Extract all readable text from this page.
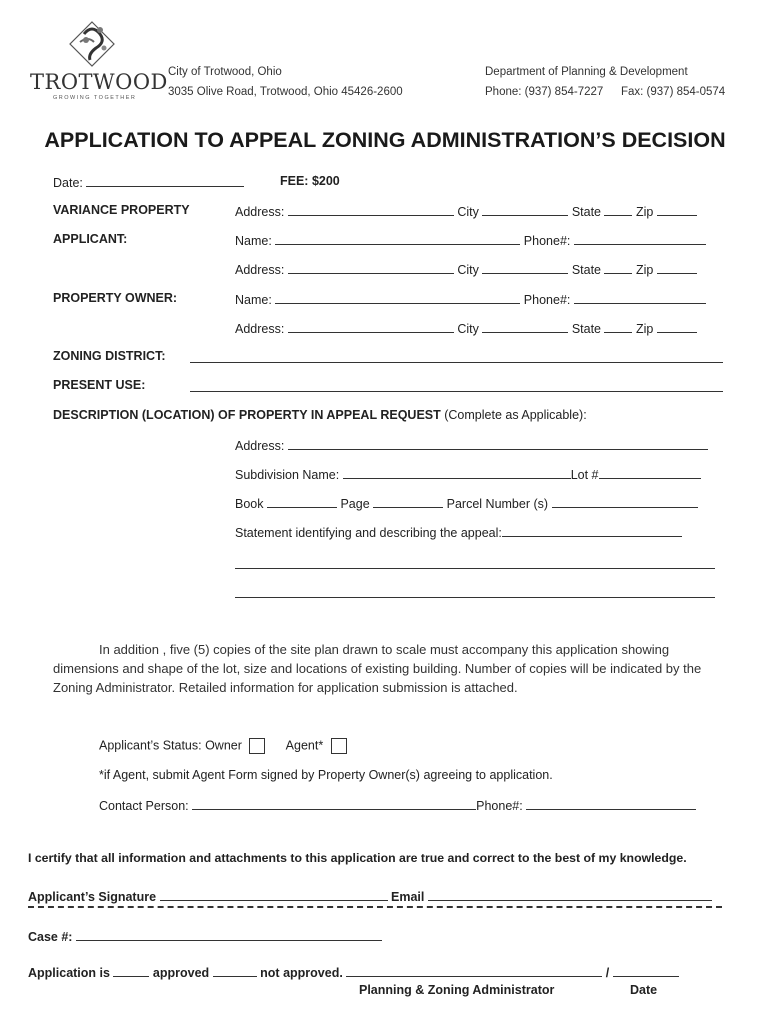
TROTWOOD
GROWING TOGETHER
City of Trotwood, Ohio
3035 Olive Road, Trotwood, Ohio 45426-2600
Department of Planning & Development
Phone: (937) 854-7227 Fax: (937) 854-0574
APPLICATION TO APPEAL ZONING ADMINISTRATION’S DECISION
Date:	FEE: $200
VARIANCE PROPERTY	Address:	City	State	Zip
APPLICANT:	Name:	Phone#:
Address:	City	State	Zip
PROPERTY OWNER:	Name:	Phone#:
Address:	City	State	Zip
ZONING DISTRICT:
PRESENT USE:
DESCRIPTION (LOCATION) OF PROPERTY IN APPEAL REQUEST (Complete as Applicable):
Address:
Subdivision Name:	Lot #
Book	Page	Parcel Number (s)
Statement identifying and describing the appeal:
In addition , five (5) copies of the site plan drawn to scale must accompany this application showing dimensions and shape of the lot, size and locations of existing building. Number of copies will be indicated by the Zoning Administrator. Retailed information for application submission is attached.
Applicant’s Status: Owner	Agent*
*if Agent, submit Agent Form signed by Property Owner(s) agreeing to application.
Contact Person:	Phone#:
I certify that all information and attachments to this application are true and correct to the best of my knowledge.
Applicant’s Signature	Email
Case #:
Application is	approved	not approved.	/
Planning & Zoning Administrator	Date
